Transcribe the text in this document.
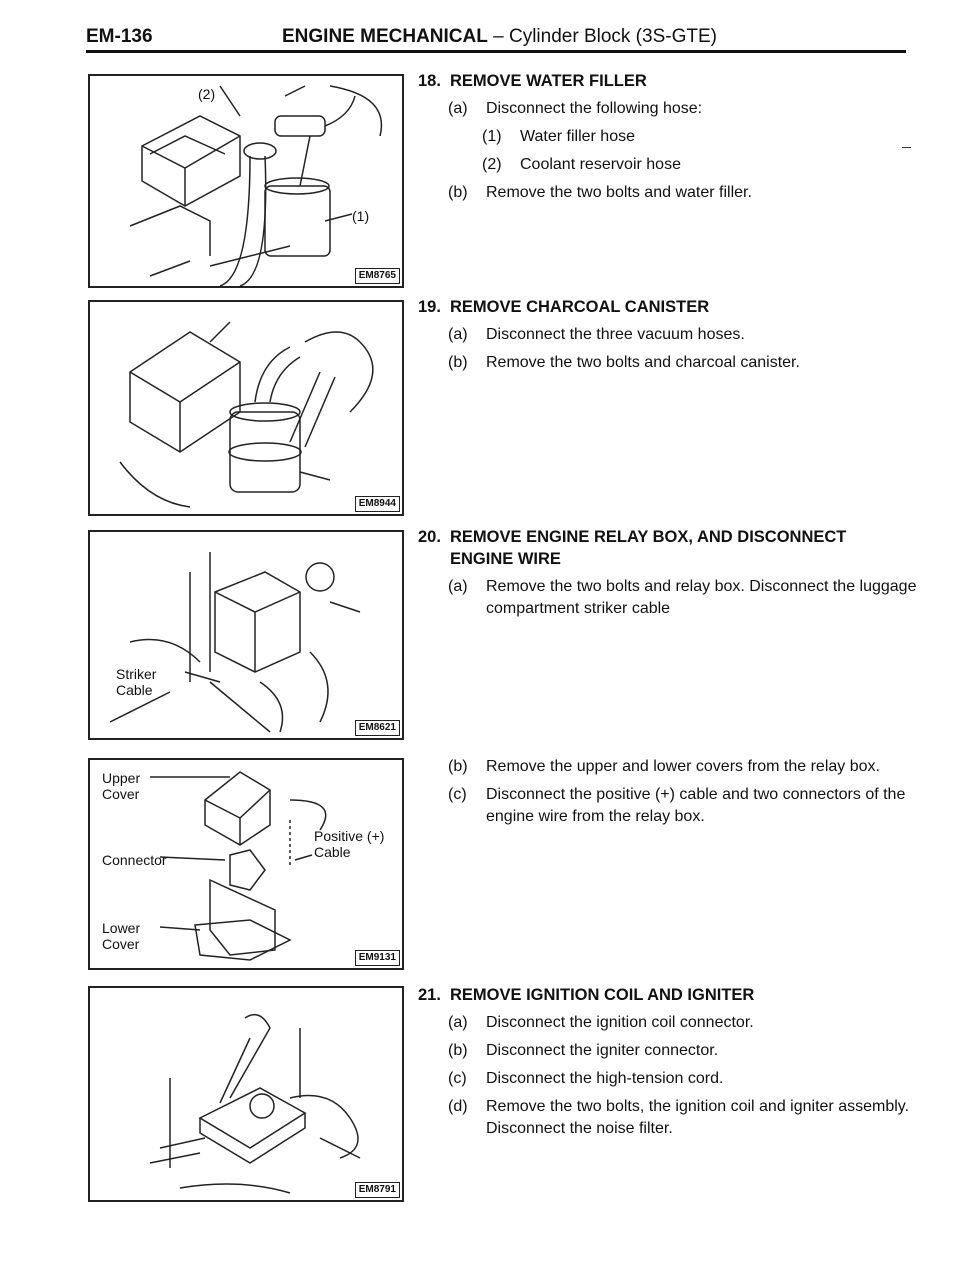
EM-136	ENGINE MECHANICAL – Cylinder Block (3S-GTE)
(2)
(1)
EM8765
EM8944
Striker
Cable
EM8621
Upper
Cover
Connector
Positive (+)
Cable
Lower
Cover
EM9131
EM8791
18. REMOVE WATER FILLER
(a)	Disconnect the following hose:
(1)	Water filler hose
(2)	Coolant reservoir hose
(b)	Remove the two bolts and water filler.
19. REMOVE CHARCOAL CANISTER
(a)	Disconnect the three vacuum hoses.
(b)	Remove the two bolts and charcoal canister.
20. REMOVE ENGINE RELAY BOX, AND DISCONNECT ENGINE WIRE
(a)	Remove the two bolts and relay box. Disconnect the luggage compartment striker cable
(b)	Remove the upper and lower covers from the relay box.
(c)	Disconnect the positive (+) cable and two connectors of the engine wire from the relay box.
21. REMOVE IGNITION COIL AND IGNITER
(a)	Disconnect the ignition coil connector.
(b)	Disconnect the igniter connector.
(c)	Disconnect the high-tension cord.
(d)	Remove the two bolts, the ignition coil and igniter assembly. Disconnect the noise filter.
